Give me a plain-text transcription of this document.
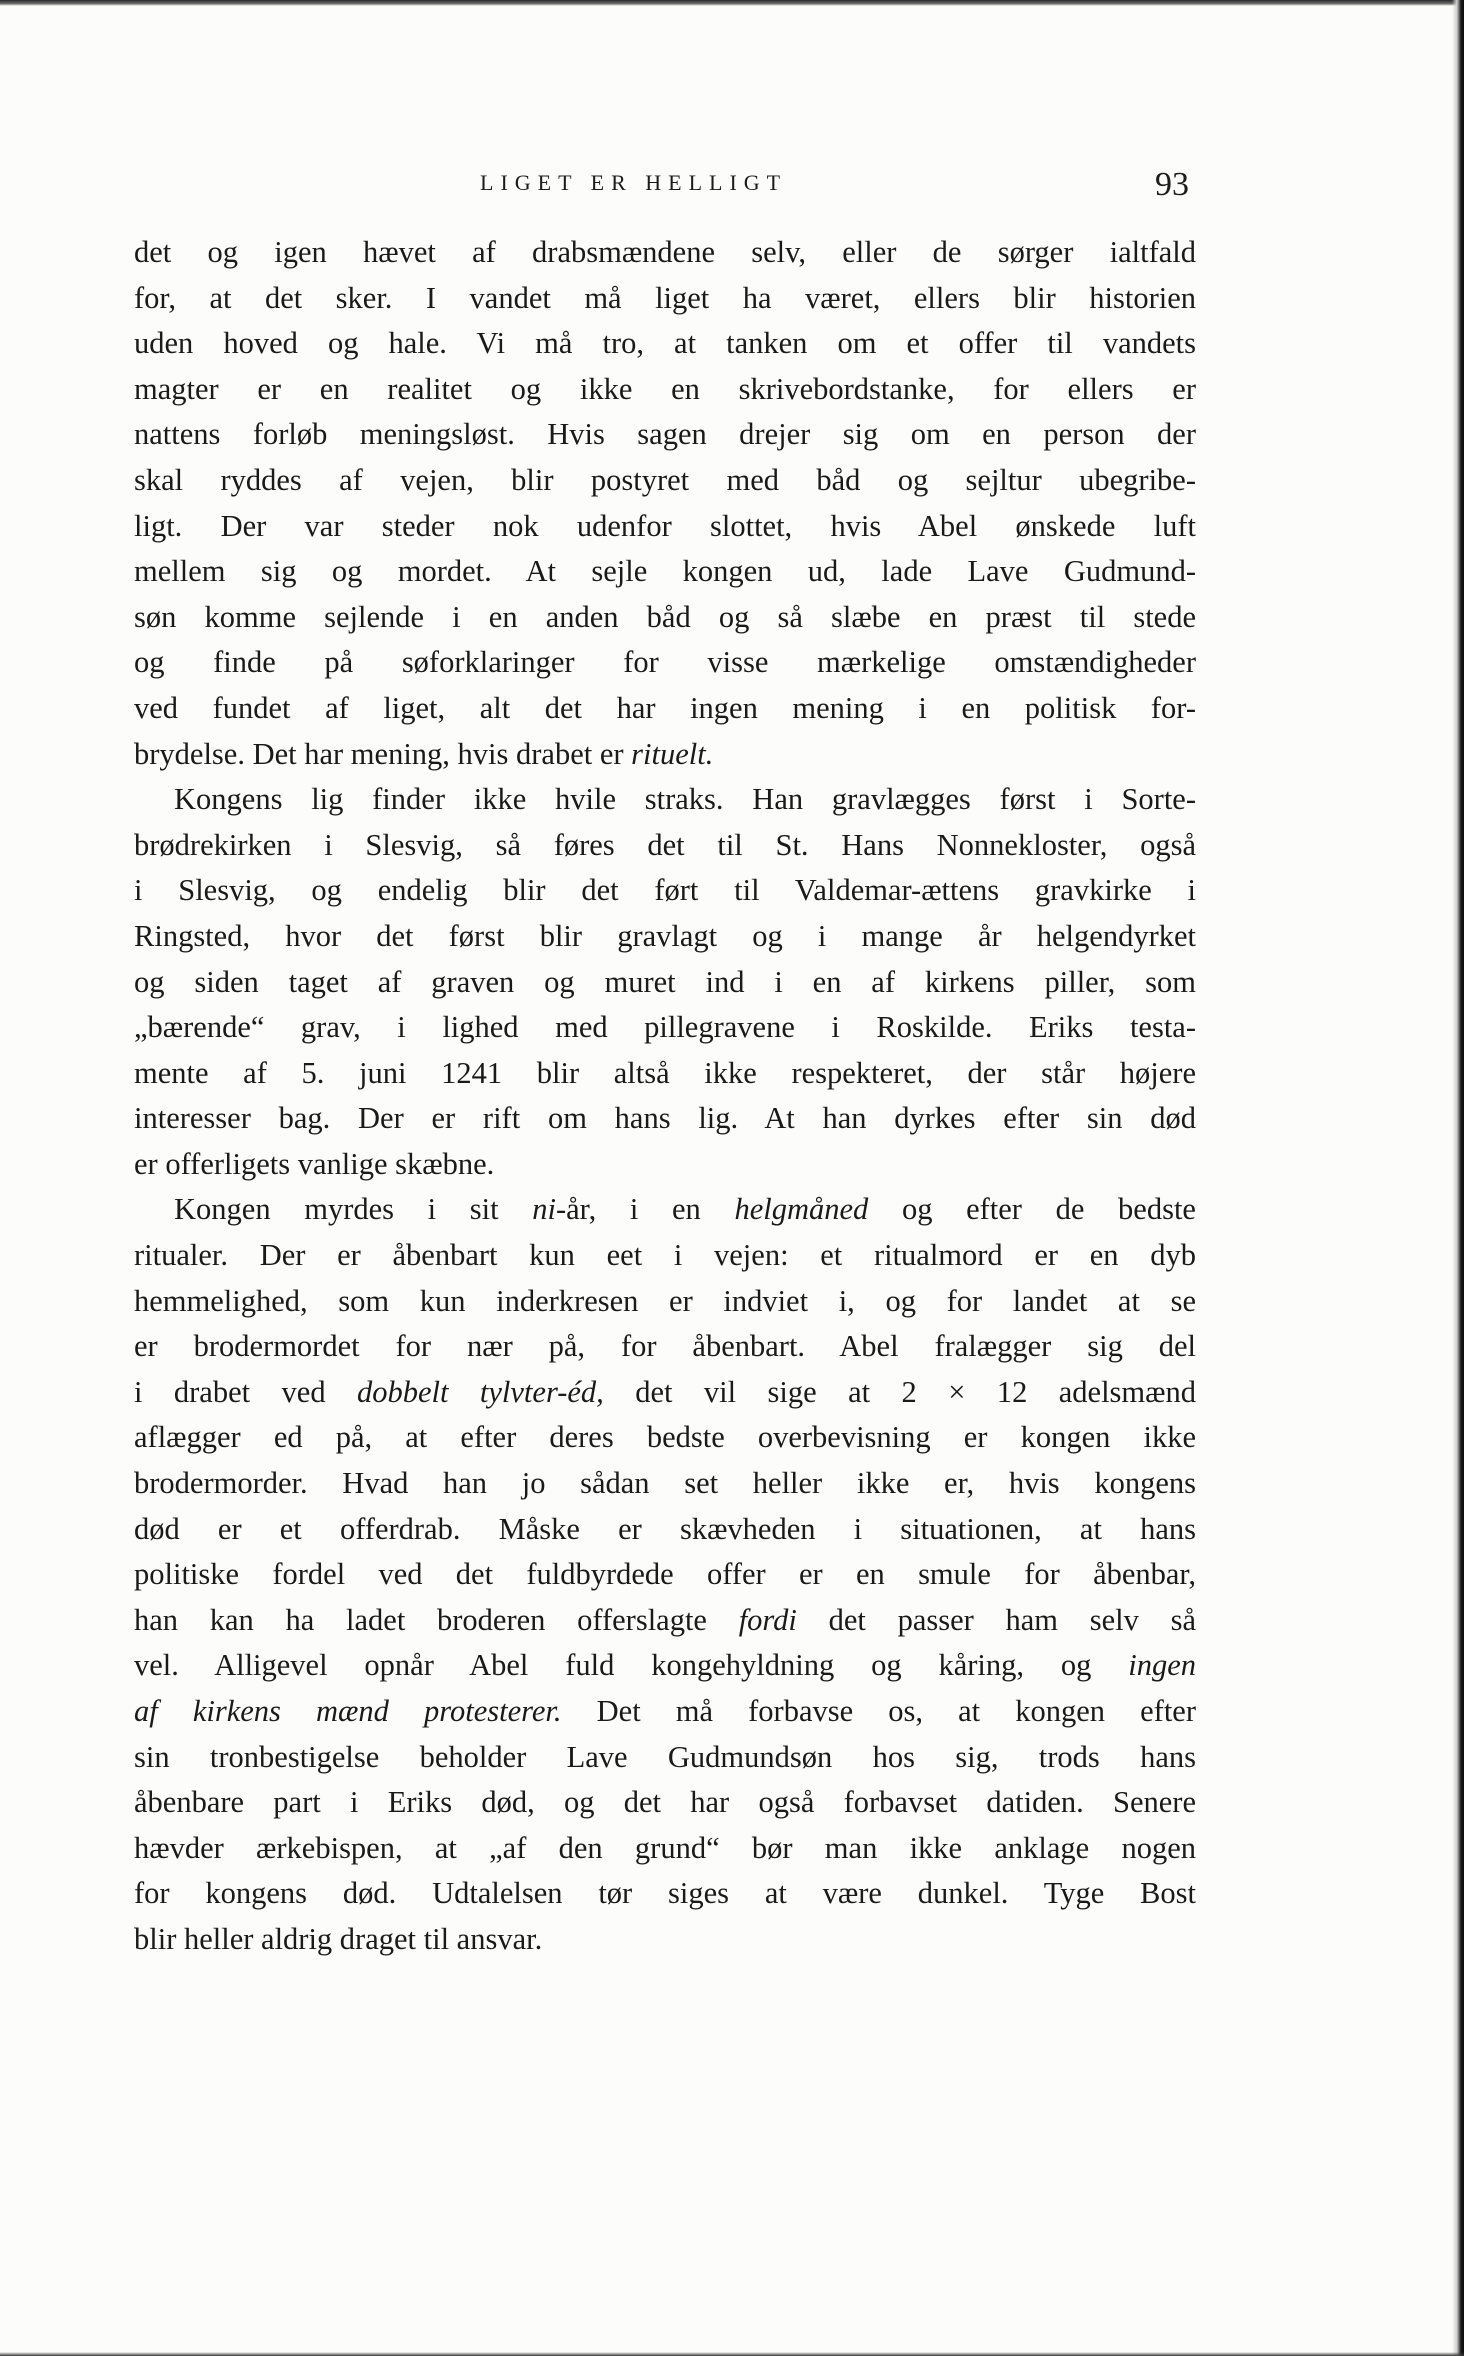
LIGET ER HELLIGT	93
det og igen hævet af drabsmændene selv, eller de sørger ialtfald
for, at det sker. I vandet må liget ha været, ellers blir historien
uden hoved og hale. Vi må tro, at tanken om et offer til vandets
magter er en realitet og ikke en skrivebordstanke, for ellers er
nattens forløb meningsløst. Hvis sagen drejer sig om en person der
skal ryddes af vejen, blir postyret med båd og sejltur ubegribe-
ligt. Der var steder nok udenfor slottet, hvis Abel ønskede luft
mellem sig og mordet. At sejle kongen ud, lade Lave Gudmund-
søn komme sejlende i en anden båd og så slæbe en præst til stede
og finde på søforklaringer for visse mærkelige omstændigheder
ved fundet af liget, alt det har ingen mening i en politisk for-
brydelse. Det har mening, hvis drabet er rituelt.
Kongens lig finder ikke hvile straks. Han gravlægges først i Sorte-
brødrekirken i Slesvig, så føres det til St. Hans Nonnekloster, også
i Slesvig, og endelig blir det ført til Valdemar-ættens gravkirke i
Ringsted, hvor det først blir gravlagt og i mange år helgendyrket
og siden taget af graven og muret ind i en af kirkens piller, som
„bærende“ grav, i lighed med pillegravene i Roskilde. Eriks testa-
mente af 5. juni 1241 blir altså ikke respekteret, der står højere
interesser bag. Der er rift om hans lig. At han dyrkes efter sin død
er offerligets vanlige skæbne.
Kongen myrdes i sit ni-år, i en helgmåned og efter de bedste
ritualer. Der er åbenbart kun eet i vejen: et ritualmord er en dyb
hemmelighed, som kun inderkresen er indviet i, og for landet at se
er brodermordet for nær på, for åbenbart. Abel fralægger sig del
i drabet ved dobbelt tylvter-éd, det vil sige at 2 × 12 adelsmænd
aflægger ed på, at efter deres bedste overbevisning er kongen ikke
brodermorder. Hvad han jo sådan set heller ikke er, hvis kongens
død er et offerdrab. Måske er skævheden i situationen, at hans
politiske fordel ved det fuldbyrdede offer er en smule for åbenbar,
han kan ha ladet broderen offerslagte fordi det passer ham selv så
vel. Alligevel opnår Abel fuld kongehyldning og kåring, og ingen
af kirkens mænd protesterer. Det må forbavse os, at kongen efter
sin tronbestigelse beholder Lave Gudmundsøn hos sig, trods hans
åbenbare part i Eriks død, og det har også forbavset datiden. Senere
hævder ærkebispen, at „af den grund“ bør man ikke anklage nogen
for kongens død. Udtalelsen tør siges at være dunkel. Tyge Bost
blir heller aldrig draget til ansvar.
